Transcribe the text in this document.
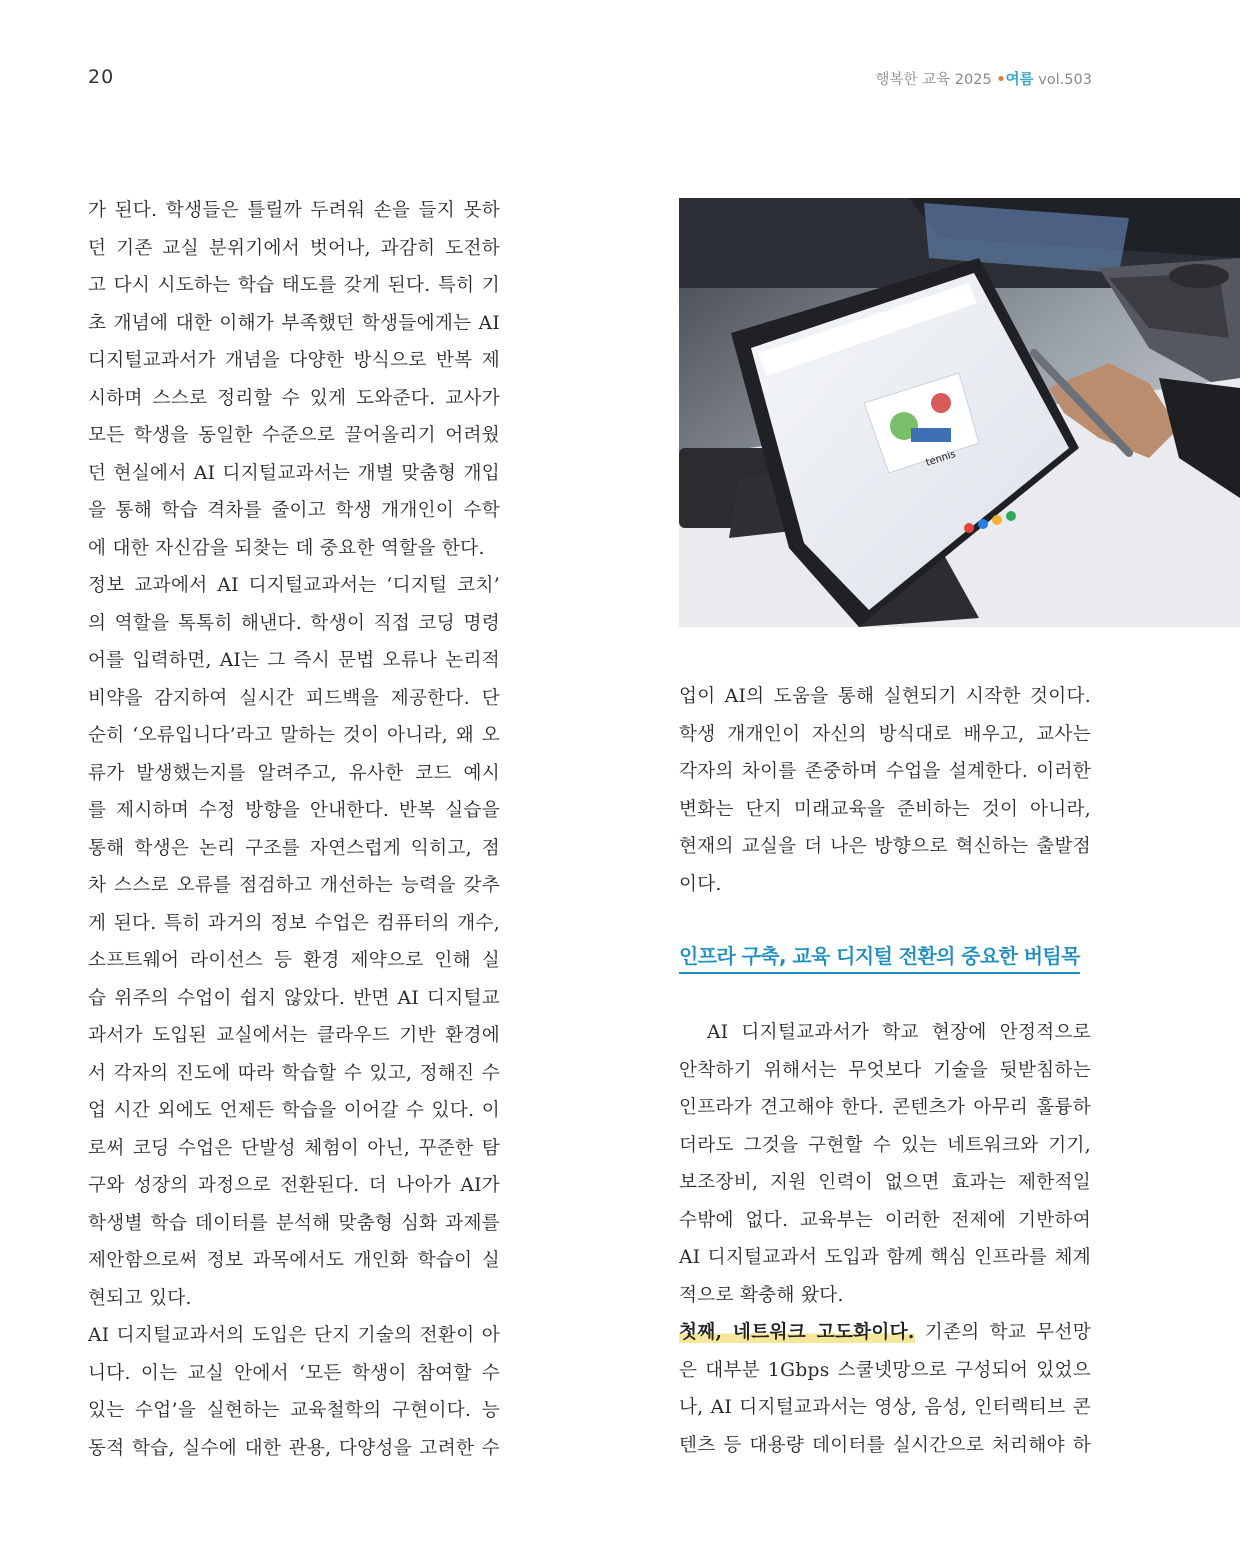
20	행복한 교육 2025 •여름 vol.503
가 된다. 학생들은 틀릴까 두려워 손을 들지 못하
던 기존 교실 분위기에서 벗어나, 과감히 도전하
고 다시 시도하는 학습 태도를 갖게 된다. 특히 기
초 개념에 대한 이해가 부족했던 학생들에게는 AI
디지털교과서가 개념을 다양한 방식으로 반복 제
시하며 스스로 정리할 수 있게 도와준다. 교사가
모든 학생을 동일한 수준으로 끌어올리기 어려웠
던 현실에서 AI 디지털교과서는 개별 맞춤형 개입
을 통해 학습 격차를 줄이고 학생 개개인이 수학
에 대한 자신감을 되찾는 데 중요한 역할을 한다.
정보 교과에서 AI 디지털교과서는 ‘디지털 코치’
의 역할을 톡톡히 해낸다. 학생이 직접 코딩 명령
어를 입력하면, AI는 그 즉시 문법 오류나 논리적
비약을 감지하여 실시간 피드백을 제공한다. 단
순히 ‘오류입니다’라고 말하는 것이 아니라, 왜 오
류가 발생했는지를 알려주고, 유사한 코드 예시
를 제시하며 수정 방향을 안내한다. 반복 실습을
통해 학생은 논리 구조를 자연스럽게 익히고, 점
차 스스로 오류를 점검하고 개선하는 능력을 갖추
게 된다. 특히 과거의 정보 수업은 컴퓨터의 개수,
소프트웨어 라이선스 등 환경 제약으로 인해 실
습 위주의 수업이 쉽지 않았다. 반면 AI 디지털교
과서가 도입된 교실에서는 클라우드 기반 환경에
서 각자의 진도에 따라 학습할 수 있고, 정해진 수
업 시간 외에도 언제든 학습을 이어갈 수 있다. 이
로써 코딩 수업은 단발성 체험이 아닌, 꾸준한 탐
구와 성장의 과정으로 전환된다. 더 나아가 AI가
학생별 학습 데이터를 분석해 맞춤형 심화 과제를
제안함으로써 정보 과목에서도 개인화 학습이 실
현되고 있다.
AI 디지털교과서의 도입은 단지 기술의 전환이 아
니다. 이는 교실 안에서 ‘모든 학생이 참여할 수
있는 수업’을 실현하는 교육철학의 구현이다. 능
동적 학습, 실수에 대한 관용, 다양성을 고려한 수
tennis
업이 AI의 도움을 통해 실현되기 시작한 것이다.
학생 개개인이 자신의 방식대로 배우고, 교사는
각자의 차이를 존중하며 수업을 설계한다. 이러한
변화는 단지 미래교육을 준비하는 것이 아니라,
현재의 교실을 더 나은 방향으로 혁신하는 출발점
이다.
인프라 구축, 교육 디지털 전환의 중요한 버팀목
AI 디지털교과서가 학교 현장에 안정적으로
안착하기 위해서는 무엇보다 기술을 뒷받침하는
인프라가 견고해야 한다. 콘텐츠가 아무리 훌륭하
더라도 그것을 구현할 수 있는 네트워크와 기기,
보조장비, 지원 인력이 없으면 효과는 제한적일
수밖에 없다. 교육부는 이러한 전제에 기반하여
AI 디지털교과서 도입과 함께 핵심 인프라를 체계
적으로 확충해 왔다.
첫째, 네트워크 고도화이다. 기존의 학교 무선망
은 대부분 1Gbps 스쿨넷망으로 구성되어 있었으
나, AI 디지털교과서는 영상, 음성, 인터랙티브 콘
텐츠 등 대용량 데이터를 실시간으로 처리해야 하
